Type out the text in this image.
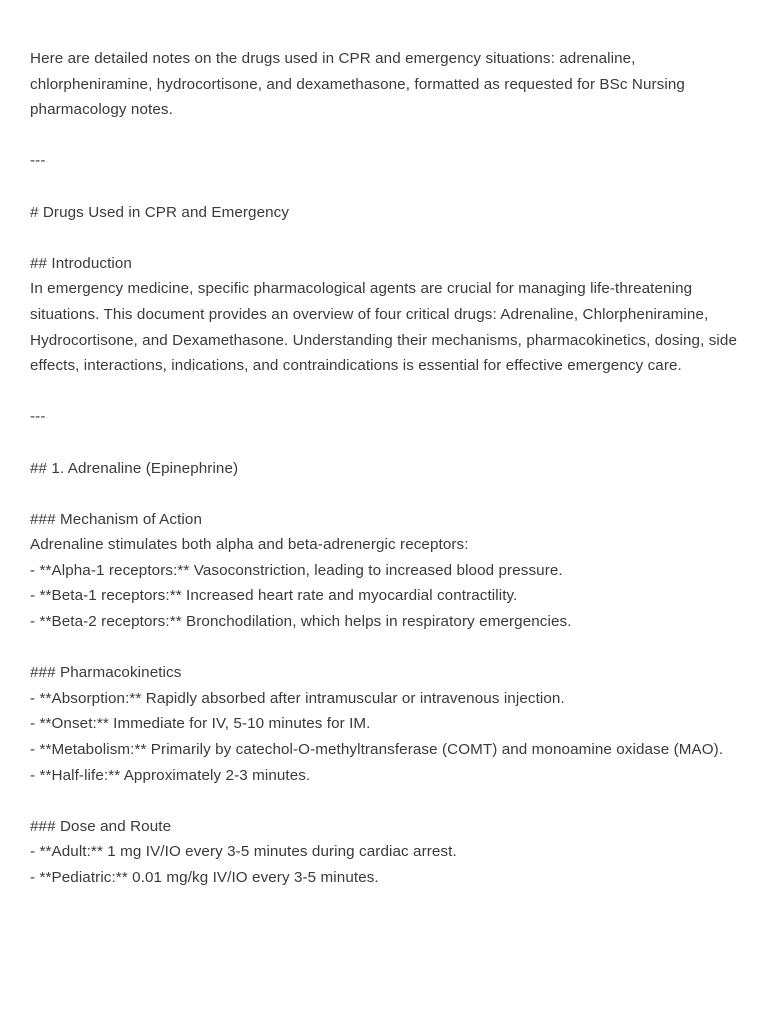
Here are detailed notes on the drugs used in CPR and emergency situations: adrenaline, chlorpheniramine, hydrocortisone, and dexamethasone, formatted as requested for BSc Nursing pharmacology notes.

---

# Drugs Used in CPR and Emergency

## Introduction

In emergency medicine, specific pharmacological agents are crucial for managing life-threatening situations. This document provides an overview of four critical drugs: Adrenaline, Chlorpheniramine, Hydrocortisone, and Dexamethasone. Understanding their mechanisms, pharmacokinetics, dosing, side effects, interactions, indications, and contraindications is essential for effective emergency care.

---

## 1. Adrenaline (Epinephrine)

### Mechanism of Action

Adrenaline stimulates both alpha and beta-adrenergic receptors:

- **Alpha-1 receptors:** Vasoconstriction, leading to increased blood pressure.

- **Beta-1 receptors:** Increased heart rate and myocardial contractility.

- **Beta-2 receptors:** Bronchodilation, which helps in respiratory emergencies.

### Pharmacokinetics

- **Absorption:** Rapidly absorbed after intramuscular or intravenous injection.

- **Onset:** Immediate for IV, 5-10 minutes for IM.

- **Metabolism:** Primarily by catechol-O-methyltransferase (COMT) and monoamine oxidase (MAO).

- **Half-life:** Approximately 2-3 minutes.

### Dose and Route

- **Adult:** 1 mg IV/IO every 3-5 minutes during cardiac arrest.

- **Pediatric:** 0.01 mg/kg IV/IO every 3-5 minutes.
